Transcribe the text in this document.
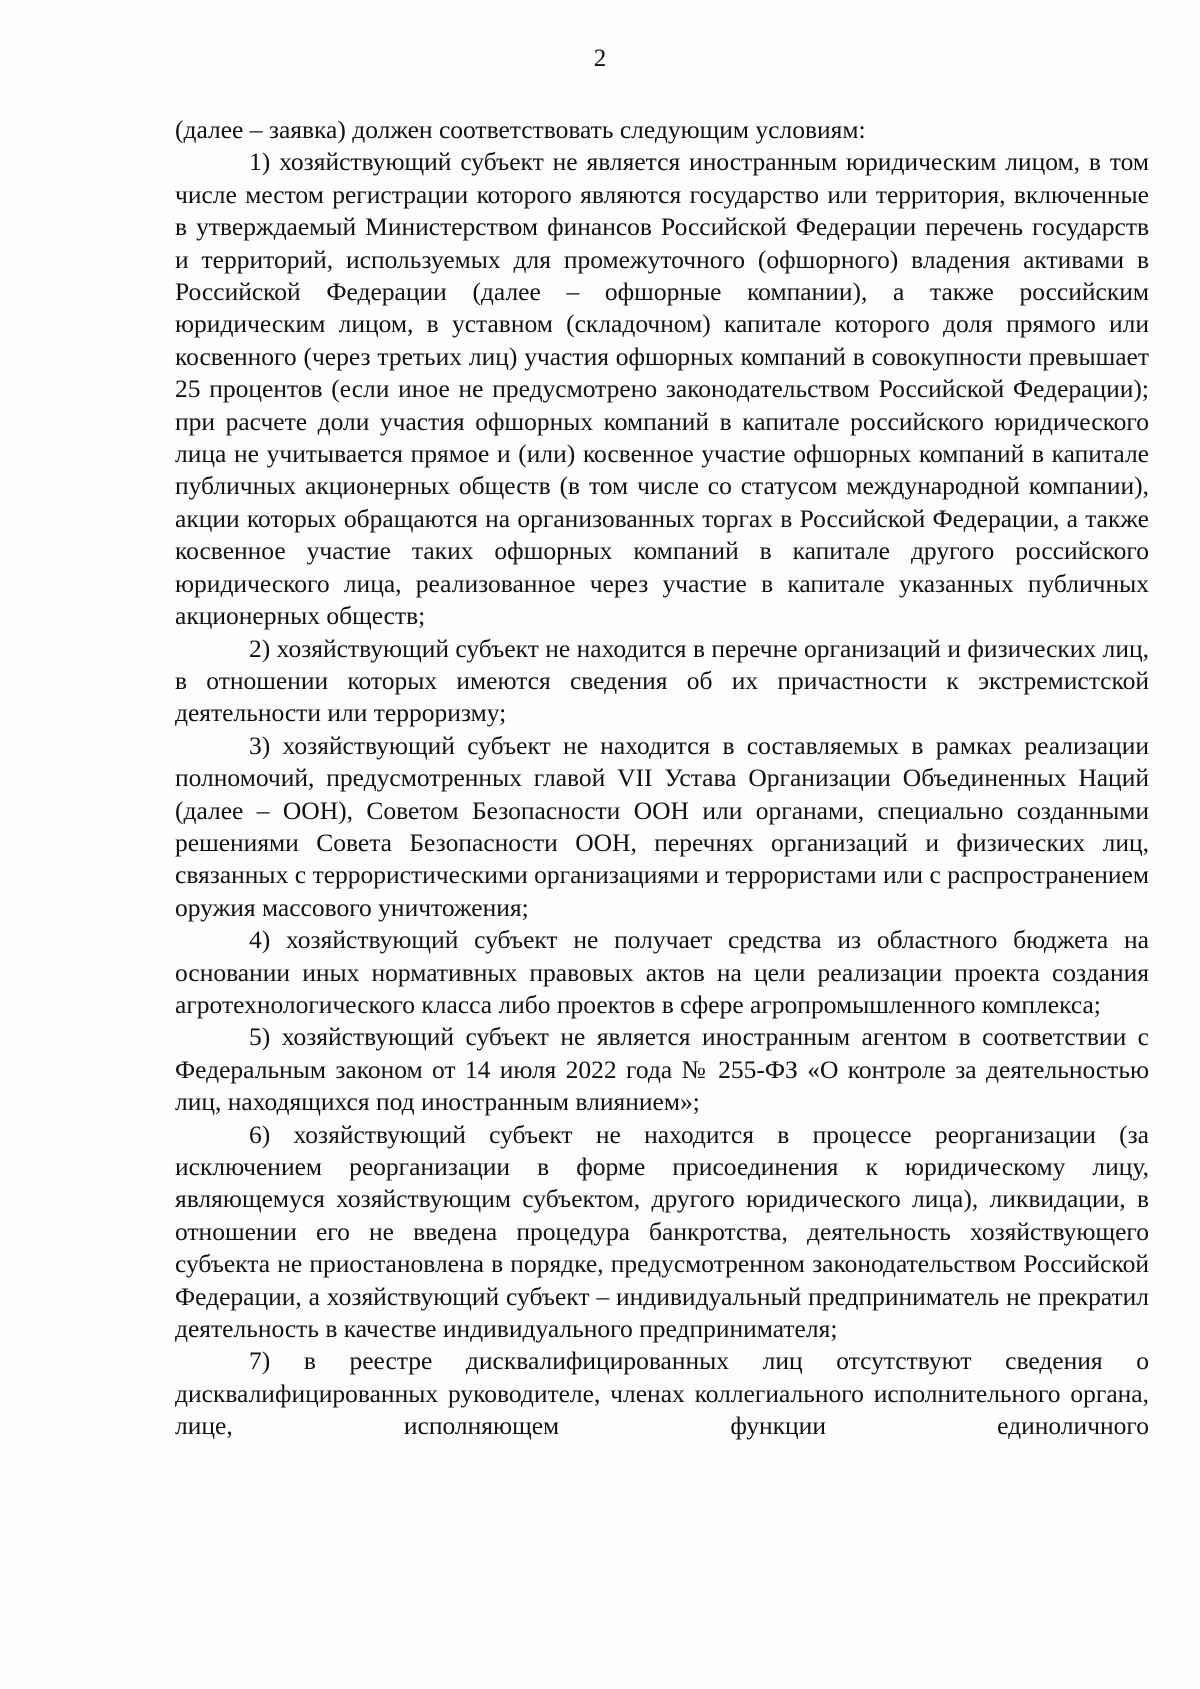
2

(далее – заявка) должен соответствовать следующим условиям:

1) хозяйствующий субъект не является иностранным юридическим лицом, в том числе местом регистрации которого являются государство или территория, включенные в утверждаемый Министерством финансов Российской Федерации перечень государств и территорий, используемых для промежуточного (офшорного) владения активами в Российской Федерации (далее – офшорные компании), а также российским юридическим лицом, в уставном (складочном) капитале которого доля прямого или косвенного (через третьих лиц) участия офшорных компаний в совокупности превышает 25 процентов (если иное не предусмотрено законодательством Российской Федерации); при расчете доли участия офшорных компаний в капитале российского юридического лица не учитывается прямое и (или) косвенное участие офшорных компаний в капитале публичных акционерных обществ (в том числе со статусом международной компании), акции которых обращаются на организованных торгах в Российской Федерации, а также косвенное участие таких офшорных компаний в капитале другого российского юридического лица, реализованное через участие в капитале указанных публичных акционерных обществ;

2) хозяйствующий субъект не находится в перечне организаций и физических лиц, в отношении которых имеются сведения об их причастности к экстремистской деятельности или терроризму;

3) хозяйствующий субъект не находится в составляемых в рамках реализации полномочий, предусмотренных главой VII Устава Организации Объединенных Наций (далее – ООН), Советом Безопасности ООН или органами, специально созданными решениями Совета Безопасности ООН, перечнях организаций и физических лиц, связанных с террористическими организациями и террористами или с распространением оружия массового уничтожения;

4) хозяйствующий субъект не получает средства из областного бюджета на основании иных нормативных правовых актов на цели реализации проекта создания агротехнологического класса либо проектов в сфере агропромышленного комплекса;

5) хозяйствующий субъект не является иностранным агентом в соответствии с Федеральным законом от 14 июля 2022 года № 255-ФЗ «О контроле за деятельностью лиц, находящихся под иностранным влиянием»;

6) хозяйствующий субъект не находится в процессе реорганизации (за исключением реорганизации в форме присоединения к юридическому лицу, являющемуся хозяйствующим субъектом, другого юридического лица), ликвидации, в отношении его не введена процедура банкротства, деятельность хозяйствующего субъекта не приостановлена в порядке, предусмотренном законодательством Российской Федерации, а хозяйствующий субъект – индивидуальный предприниматель не прекратил деятельность в качестве индивидуального предпринимателя;

7) в реестре дисквалифицированных лиц отсутствуют сведения о дисквалифицированных руководителе, членах коллегиального исполнительного органа, лице, исполняющем функции единоличного
